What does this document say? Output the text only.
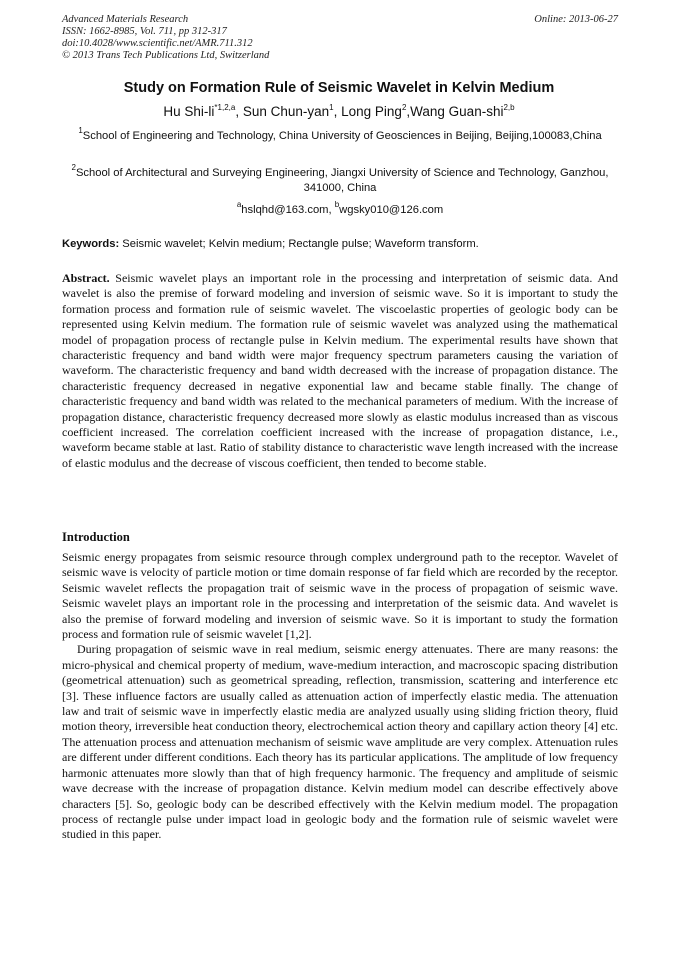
Advanced Materials Research
ISSN: 1662-8985, Vol. 711, pp 312-317
doi:10.4028/www.scientific.net/AMR.711.312
© 2013 Trans Tech Publications Ltd, Switzerland
Online: 2013-06-27
Study on Formation Rule of Seismic Wavelet in Kelvin Medium
Hu Shi-li$^{*1,2,a}$, Sun Chun-yan$^1$, Long Ping$^2$,Wang Guan-shi$^{2,b}$
$^1$School of Engineering and Technology, China University of Geosciences in Beijing, Beijing,100083,China
$^2$School of Architectural and Surveying Engineering, Jiangxi University of Science and Technology, Ganzhou, 341000, China
$^a$hslqhd@163.com, $^b$wgsky010@126.com
Keywords: Seismic wavelet; Kelvin medium; Rectangle pulse; Waveform transform.
Abstract. Seismic wavelet plays an important role in the processing and interpretation of seismic data. And wavelet is also the premise of forward modeling and inversion of seismic wave. So it is important to study the formation process and formation rule of seismic wavelet. The viscoelastic properties of geologic body can be represented using Kelvin medium. The formation rule of seismic wavelet was analyzed using the mathematical model of propagation process of rectangle pulse in Kelvin medium. The experimental results have shown that characteristic frequency and band width were major frequency spectrum parameters causing the variation of waveform. The characteristic frequency and band width decreased with the increase of propagation distance. The characteristic frequency decreased in negative exponential law and became stable finally. The change of characteristic frequency and band width was related to the mechanical parameters of medium. With the increase of propagation distance, characteristic frequency decreased more slowly as elastic modulus increased than as viscous coefficient increased. The correlation coefficient increased with the increase of propagation distance, i.e., waveform became stable at last. Ratio of stability distance to characteristic wave length increased with the increase of elastic modulus and the decrease of viscous coefficient, then tended to become stable.
Introduction

Seismic energy propagates from seismic resource through complex underground path to the receptor. Wavelet of seismic wave is velocity of particle motion or time domain response of far field which are recorded by the receptor. Seismic wavelet reflects the propagation trait of seismic wave in the process of propagation of seismic wave. Seismic wavelet plays an important role in the processing and interpretation of the seismic data. And wavelet is also the premise of forward modeling and inversion of seismic wave. So it is important to study the formation process and formation rule of seismic wavelet [1,2].

During propagation of seismic wave in real medium, seismic energy attenuates. There are many reasons: the micro-physical and chemical property of medium, wave-medium interaction, and macroscopic spacing distribution (geometrical attenuation) such as geometrical spreading, reflection, transmission, scattering and interference etc [3]. These influence factors are usually called as attenuation action of imperfectly elastic media. The attenuation law and trait of seismic wave in imperfectly elastic media are analyzed usually using sliding friction theory, fluid motion theory, irreversible heat conduction theory, electrochemical action theory and capillary action theory [4] etc. The attenuation process and attenuation mechanism of seismic wave amplitude are very complex. Attenuation rules are different under different conditions. Each theory has its particular applications. The amplitude of low frequency harmonic attenuates more slowly than that of high frequency harmonic. The frequency and amplitude of seismic wave decrease with the increase of propagation distance. Kelvin medium model can describe effectively above characters [5]. So, geologic body can be described effectively with the Kelvin medium model. The propagation process of rectangle pulse under impact load in geologic body and the formation rule of seismic wavelet were studied in this paper.
